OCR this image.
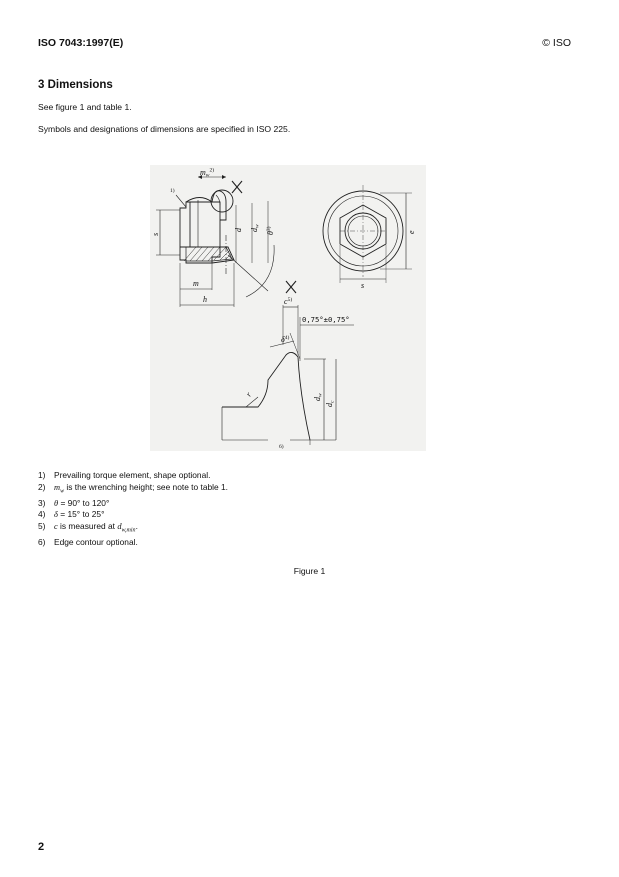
ISO 7043:1997(E)	© ISO
3 Dimensions
See figure 1 and table 1.
Symbols and designations of dimensions are specified in ISO 225.
$mw^{2)}$
1)
s
d dw
$\theta^{3)}$
m
h
e
s
$c^{5)}$
0,75°±0,75°
$\delta^{4)}$
r
dw
dc
6)
1)	Prevailing torque element, shape optional.
2)	$m_w$ is the wrenching height; see note to table 1.
3)	θ = 90° to 120°
4)	δ = 15° to 25°
5)	c is measured at $d_{w,min}$.
6)	Edge contour optional.
Figure 1
2
